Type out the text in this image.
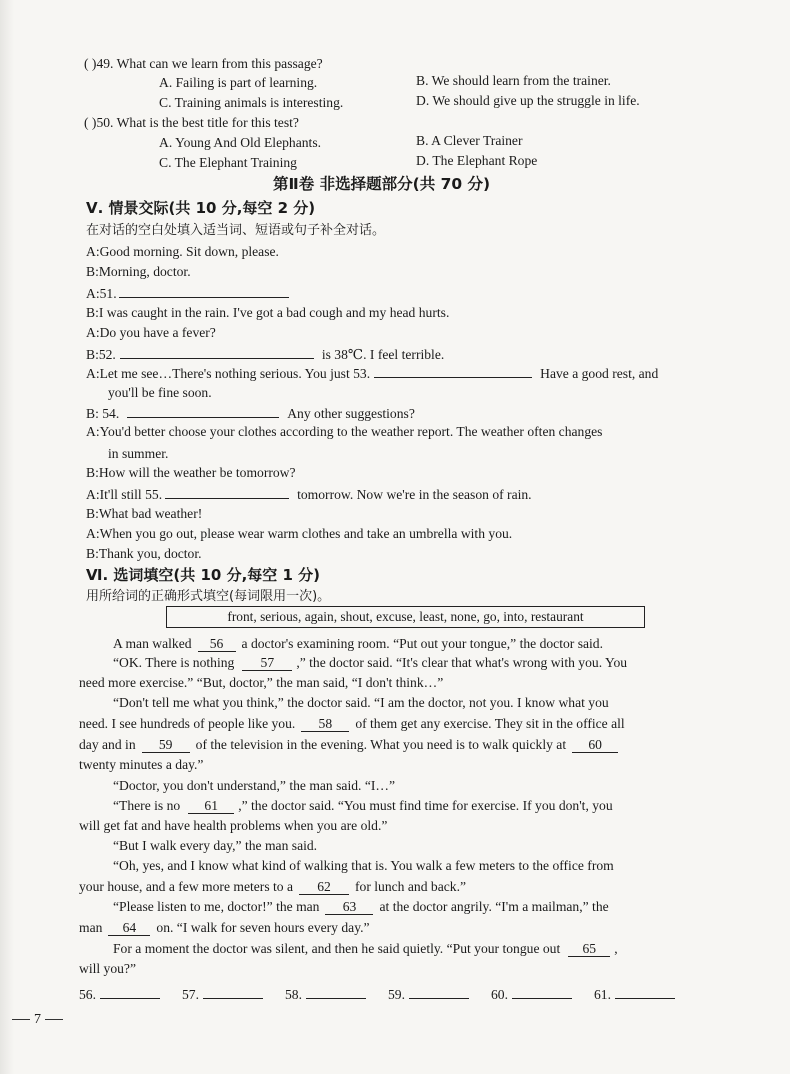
( )49. What can we learn from this passage?
A. Failing is part of learning.	B. We should learn from the trainer.
C. Training animals is interesting.	D. We should give up the struggle in life.
( )50. What is the best title for this test?
A. Young And Old Elephants.	B. A Clever Trainer
C. The Elephant Training	D. The Elephant Rope
第Ⅱ卷 非选择题部分(共 70 分)
Ⅴ. 情景交际(共 10 分,每空 2 分)
在对话的空白处填入适当词、短语或句子补全对话。
A:Good morning. Sit down, please.
B:Morning, doctor.
A:51.
B:I was caught in the rain. I've got a bad cough and my head hurts.
A:Do you have a fever?
B:52.	is 38℃. I feel terrible.
A:Let me see…There's nothing serious. You just 53.	Have a good rest, and
you'll be fine soon.
B: 54.	Any other suggestions?
A:You'd better choose your clothes according to the weather report. The weather often changes
in summer.
B:How will the weather be tomorrow?
A:It'll still 55.	tomorrow. Now we're in the season of rain.
B:What bad weather!
A:When you go out, please wear warm clothes and take an umbrella with you.
B:Thank you, doctor.
Ⅵ. 选词填空(共 10 分,每空 1 分)
用所给词的正确形式填空(每词限用一次)。
front, serious, again, shout, excuse, least, none, go, into, restaurant
A man walked 56 a doctor's examining room. “Put out your tongue,” the doctor said.
“OK. There is nothing 57 ,” the doctor said. “It's clear that what's wrong with you. You
need more exercise.” “But, doctor,” the man said, “I don't think…”
“Don't tell me what you think,” the doctor said. “I am the doctor, not you. I know what you
need. I see hundreds of people like you. 58 of them get any exercise. They sit in the office all
day and in 59 of the television in the evening. What you need is to walk quickly at 60
twenty minutes a day.”
“Doctor, you don't understand,” the man said. “I…”
“There is no 61 ,” the doctor said. “You must find time for exercise. If you don't, you
will get fat and have health problems when you are old.”
“But I walk every day,” the man said.
“Oh, yes, and I know what kind of walking that is. You walk a few meters to the office from
your house, and a few more meters to a 62 for lunch and back.”
“Please listen to me, doctor!” the man 63 at the doctor angrily. “I'm a mailman,” the
man 64 on. “I walk for seven hours every day.”
For a moment the doctor was silent, and then he said quietly. “Put your tongue out 65 ,
will you?”
56.	57.	58.	59.	60.	61.
7
